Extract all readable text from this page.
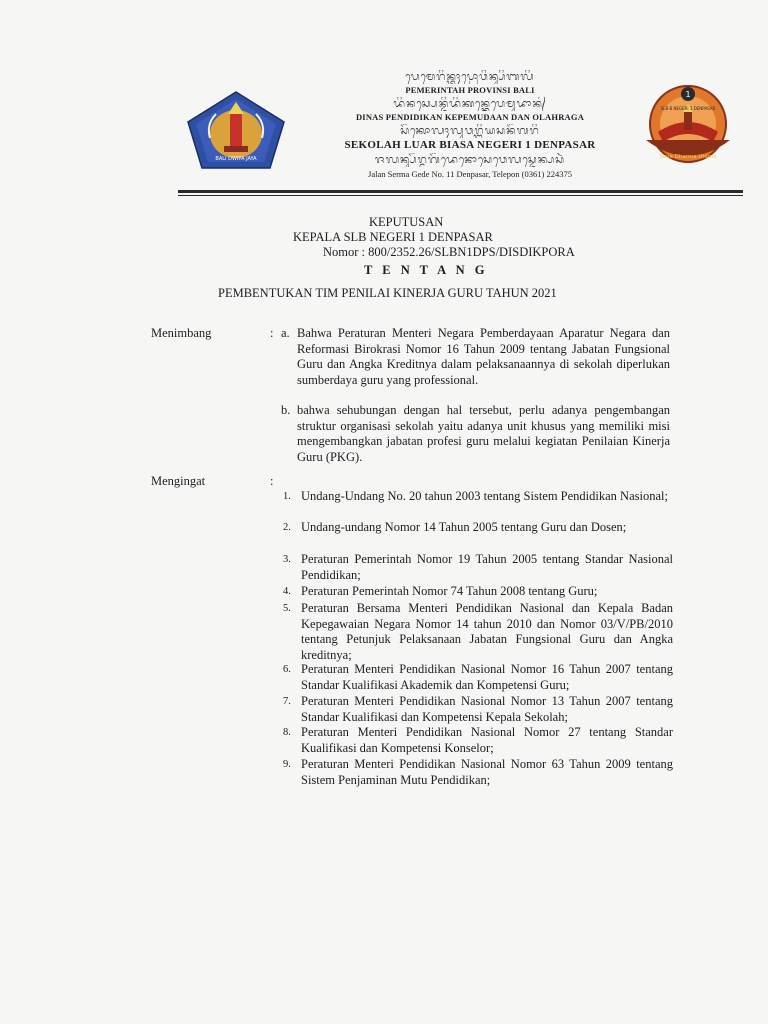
BALI DWIPA JAYA
1
Seva Dharma Utama
SLB-B NEGERI 1 DENPASAR
ᬧᬾᬫᬾᬭᬶᬦ᭄ᬢᬄᬧ᭄ᬭᭀᬯᬶᬦ᭄ᬲᬶᬩᬮᬶ
PEMERINTAH PROVINSI BALI
ᬤᬶᬦᬲ᭄ᬧᬾᬦ᭄ᬤᬶᬤᬶᬓᬦ᭄ᬓᬾᬧᬾᬫᬸᬤᬵᬦ᭄
DINAS PENDIDIKAN KEPEMUDAAN DAN OLAHRAGA
ᬲᭂᬓᭀᬮᬄᬮᬸᬯᬭ᭄ᬩᬶᬬᬲᬦᭂᬕᬭᬶ
SEKOLAH LUAR BIASA NEGERI 1 DENPASAR
ᬚᬮᬦ᭄ᬲᭂᬭ᭄ᬫᬕᭂᬤᬾᬦᭀᬲᬾᬯᬾᬮᬲ᭄ᬤᬾᬦ᭄ᬧᬲᬃ
Jalan Serma Gede No. 11 Denpasar, Telepon (0361) 224375
KEPUTUSAN
KEPALA SLB NEGERI 1 DENPASAR
Nomor : 800/2352.26/SLBN1DPS/DISDIKPORA
T E N T A N G
PEMBENTUKAN TIM PENILAI KINERJA GURU TAHUN 2021
Menimbang	: a. Bahwa Peraturan Menteri Negara Pemberdayaan Aparatur Negara dan Reformasi Birokrasi Nomor 16 Tahun 2009 tentang Jabatan Fungsional Guru dan Angka Kreditnya dalam pelaksanaannya di sekolah diperlukan sumberdaya guru yang professional.
b. bahwa sehubungan dengan hal tersebut, perlu adanya pengembangan struktur organisasi sekolah yaitu adanya unit khusus yang memiliki misi mengembangkan jabatan profesi guru melalui kegiatan Penilaian Kinerja Guru (PKG).
Mengingat	:
1. Undang-Undang No. 20 tahun 2003 tentang Sistem Pendidikan Nasional;
2. Undang-undang Nomor 14 Tahun 2005 tentang Guru dan Dosen;
3. Peraturan Pemerintah Nomor 19 Tahun 2005 tentang Standar Nasional Pendidikan;
4. Peraturan Pemerintah Nomor 74 Tahun 2008 tentang Guru;
5. Peraturan Bersama Menteri Pendidikan Nasional dan Kepala Badan Kepegawaian Negara Nomor 14 tahun 2010 dan Nomor 03/V/PB/2010 tentang Petunjuk Pelaksanaan Jabatan Fungsional Guru dan Angka kreditnya;
6. Peraturan Menteri Pendidikan Nasional Nomor 16 Tahun 2007 tentang Standar Kualifikasi Akademik dan Kompetensi Guru;
7. Peraturan Menteri Pendidikan Nasional Nomor 13 Tahun 2007 tentang Standar Kualifikasi dan Kompetensi Kepala Sekolah;
8. Peraturan Menteri Pendidikan Nasional Nomor 27 tentang Standar Kualifikasi dan Kompetensi Konselor;
9. Peraturan Menteri Pendidikan Nasional Nomor 63 Tahun 2009 tentang Sistem Penjaminan Mutu Pendidikan;
